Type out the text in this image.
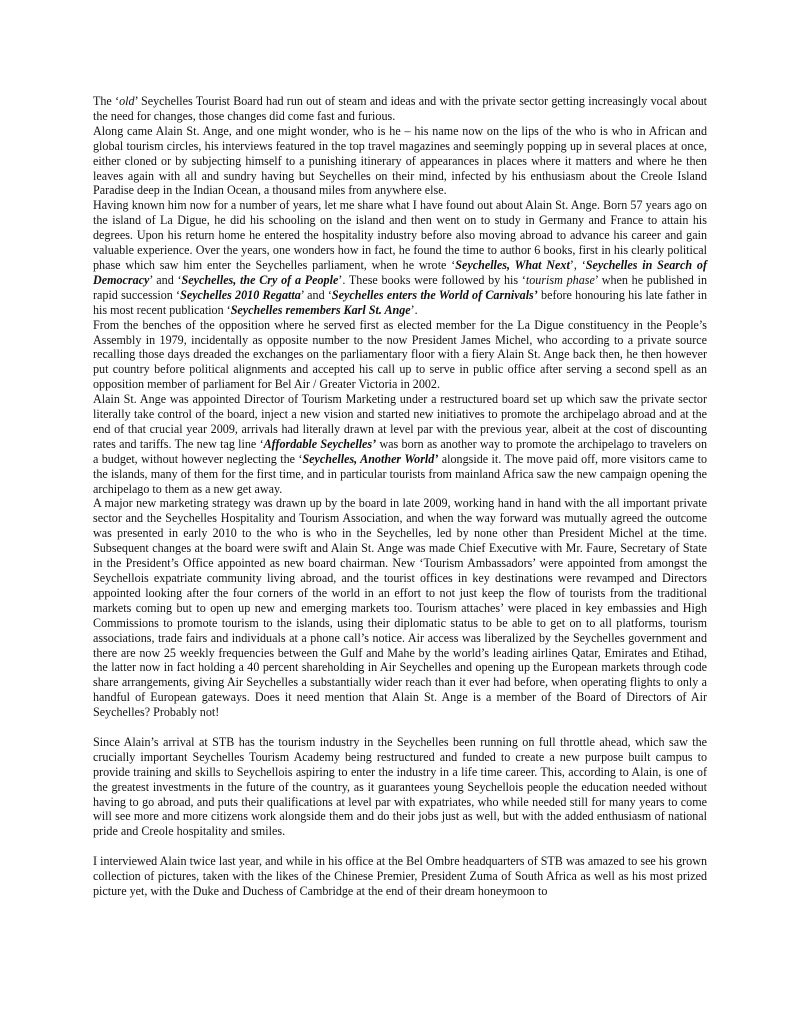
The ‘old’ Seychelles Tourist Board had run out of steam and ideas and with the private sector getting increasingly vocal about the need for changes, those changes did come fast and furious.

Along came Alain St. Ange, and one might wonder, who is he – his name now on the lips of the who is who in African and global tourism circles, his interviews featured in the top travel magazines and seemingly popping up in several places at once, either cloned or by subjecting himself to a punishing itinerary of appearances in places where it matters and where he then leaves again with all and sundry having but Seychelles on their mind, infected by his enthusiasm about the Creole Island Paradise deep in the Indian Ocean, a thousand miles from anywhere else.

Having known him now for a number of years, let me share what I have found out about Alain St. Ange. Born 57 years ago on the island of La Digue, he did his schooling on the island and then went on to study in Germany and France to attain his degrees. Upon his return home he entered the hospitality industry before also moving abroad to advance his career and gain valuable experience. Over the years, one wonders how in fact, he found the time to author 6 books, first in his clearly political phase which saw him enter the Seychelles parliament, when he wrote ‘Seychelles, What Next’, ‘Seychelles in Search of Democracy’ and ‘Seychelles, the Cry of a People’. These books were followed by his ‘tourism phase’ when he published in rapid succession ‘Seychelles 2010 Regatta’ and ‘Seychelles enters the World of Carnivals’ before honouring his late father in his most recent publication ‘Seychelles remembers Karl St. Ange’.

From the benches of the opposition where he served first as elected member for the La Digue constituency in the People’s Assembly in 1979, incidentally as opposite number to the now President James Michel, who according to a private source recalling those days dreaded the exchanges on the parliamentary floor with a fiery Alain St. Ange back then, he then however put country before political alignments and accepted his call up to serve in public office after serving a second spell as an opposition member of parliament for Bel Air / Greater Victoria in 2002.

Alain St. Ange was appointed Director of Tourism Marketing under a restructured board set up which saw the private sector literally take control of the board, inject a new vision and started new initiatives to promote the archipelago abroad and at the end of that crucial year 2009, arrivals had literally drawn at level par with the previous year, albeit at the cost of discounting rates and tariffs. The new tag line ‘Affordable Seychelles’ was born as another way to promote the archipelago to travelers on a budget, without however neglecting the ‘Seychelles, Another World’ alongside it. The move paid off, more visitors came to the islands, many of them for the first time, and in particular tourists from mainland Africa saw the new campaign opening the archipelago to them as a new get away.

A major new marketing strategy was drawn up by the board in late 2009, working hand in hand with the all important private sector and the Seychelles Hospitality and Tourism Association, and when the way forward was mutually agreed the outcome was presented in early 2010 to the who is who in the Seychelles, led by none other than President Michel at the time. Subsequent changes at the board were swift and Alain St. Ange was made Chief Executive with Mr. Faure, Secretary of State in the President’s Office appointed as new board chairman. New ‘Tourism Ambassadors’ were appointed from amongst the Seychellois expatriate community living abroad, and the tourist offices in key destinations were revamped and Directors appointed looking after the four corners of the world in an effort to not just keep the flow of tourists from the traditional markets coming but to open up new and emerging markets too. Tourism attaches’ were placed in key embassies and High Commissions to promote tourism to the islands, using their diplomatic status to be able to get on to all platforms, tourism associations, trade fairs and individuals at a phone call’s notice. Air access was liberalized by the Seychelles government and there are now 25 weekly frequencies between the Gulf and Mahe by the world’s leading airlines Qatar, Emirates and Etihad, the latter now in fact holding a 40 percent shareholding in Air Seychelles and opening up the European markets through code share arrangements, giving Air Seychelles a substantially wider reach than it ever had before, when operating flights to only a handful of European gateways. Does it need mention that Alain St. Ange is a member of the Board of Directors of Air Seychelles? Probably not!

Since Alain’s arrival at STB has the tourism industry in the Seychelles been running on full throttle ahead, which saw the crucially important Seychelles Tourism Academy being restructured and funded to create a new purpose built campus to provide training and skills to Seychellois aspiring to enter the industry in a life time career. This, according to Alain, is one of the greatest investments in the future of the country, as it guarantees young Seychellois people the education needed without having to go abroad, and puts their qualifications at level par with expatriates, who while needed still for many years to come will see more and more citizens work alongside them and do their jobs just as well, but with the added enthusiasm of national pride and Creole hospitality and smiles.

I interviewed Alain twice last year, and while in his office at the Bel Ombre headquarters of STB was amazed to see his grown collection of pictures, taken with the likes of the Chinese Premier, President Zuma of South Africa as well as his most prized picture yet, with the Duke and Duchess of Cambridge at the end of their dream honeymoon to
